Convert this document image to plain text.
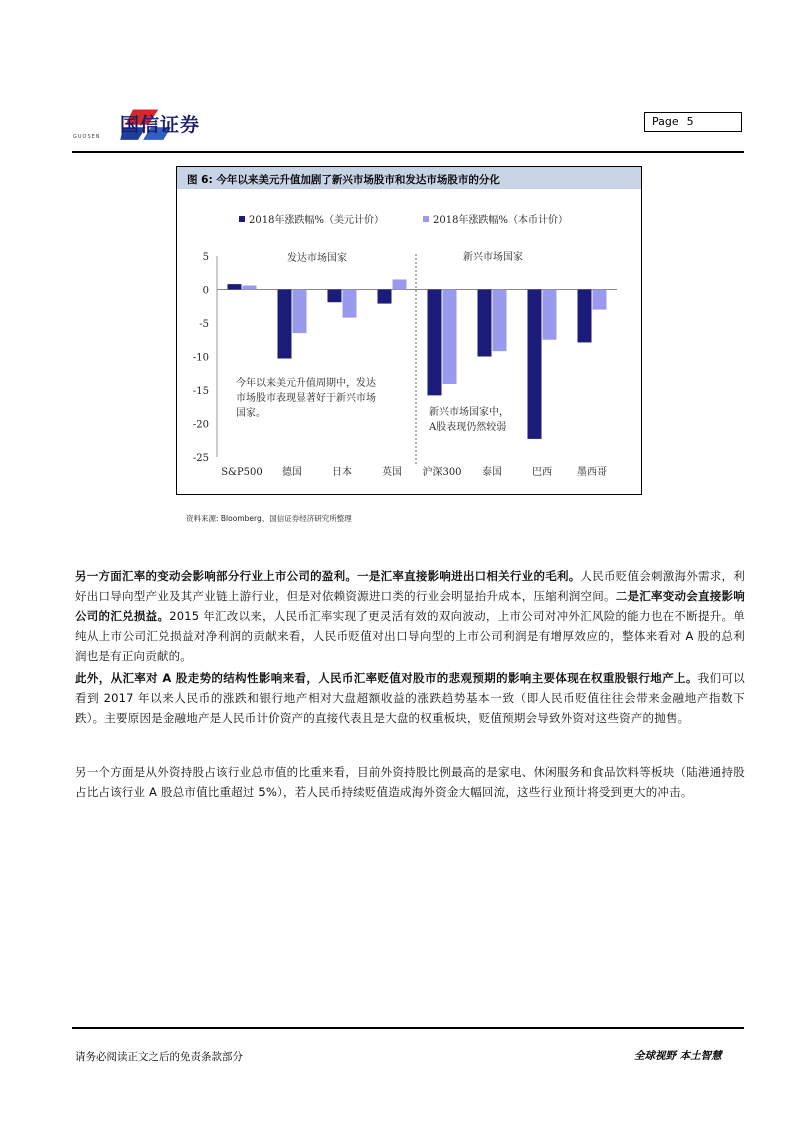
国信证券
GUOSEN
Page 5
图 6: 今年以来美元升值加剧了新兴市场股市和发达市场股市的分化
2018年涨跌幅%（美元计价）	2018年涨跌幅%（本币计价）
5
0
-5
-10
-15
-20
-25
S&P500 德国	日本	英国 沪深300 泰国	巴西	墨西哥
发达市场国家	新兴市场国家
今年以来美元升值周期中，发达
市场股市表现显著好于新兴市场
国家。	新兴市场国家中，
A股表现仍然较弱
资料来源: Bloomberg、国信证券经济研究所整理
另一方面汇率的变动会影响部分行业上市公司的盈利。一是汇率直接影响进出口相关行业的毛利。人民币贬值会刺激海外需求，利好出口导向型产业及其产业链上游行业，但是对依赖资源进口类的行业会明显抬升成本，压缩利润空间。二是汇率变动会直接影响公司的汇兑损益。2015 年汇改以来，人民币汇率实现了更灵活有效的双向波动，上市公司对冲外汇风险的能力也在不断提升。单纯从上市公司汇兑损益对净利润的贡献来看，人民币贬值对出口导向型的上市公司利润是有增厚效应的，整体来看对 A 股的总利润也是有正向贡献的。
此外，从汇率对 A 股走势的结构性影响来看，人民币汇率贬值对股市的悲观预期的影响主要体现在权重股银行地产上。我们可以看到 2017 年以来人民币的涨跌和银行地产相对大盘超额收益的涨跌趋势基本一致（即人民币贬值往往会带来金融地产指数下跌）。主要原因是金融地产是人民币计价资产的直接代表且是大盘的权重板块，贬值预期会导致外资对这些资产的抛售。
另一个方面是从外资持股占该行业总市值的比重来看，目前外资持股比例最高的是家电、休闲服务和食品饮料等板块（陆港通持股占比占该行业 A 股总市值比重超过 5%），若人民币持续贬值造成海外资金大幅回流，这些行业预计将受到更大的冲击。
请务必阅读正文之后的免责条款部分	全球视野 本土智慧
